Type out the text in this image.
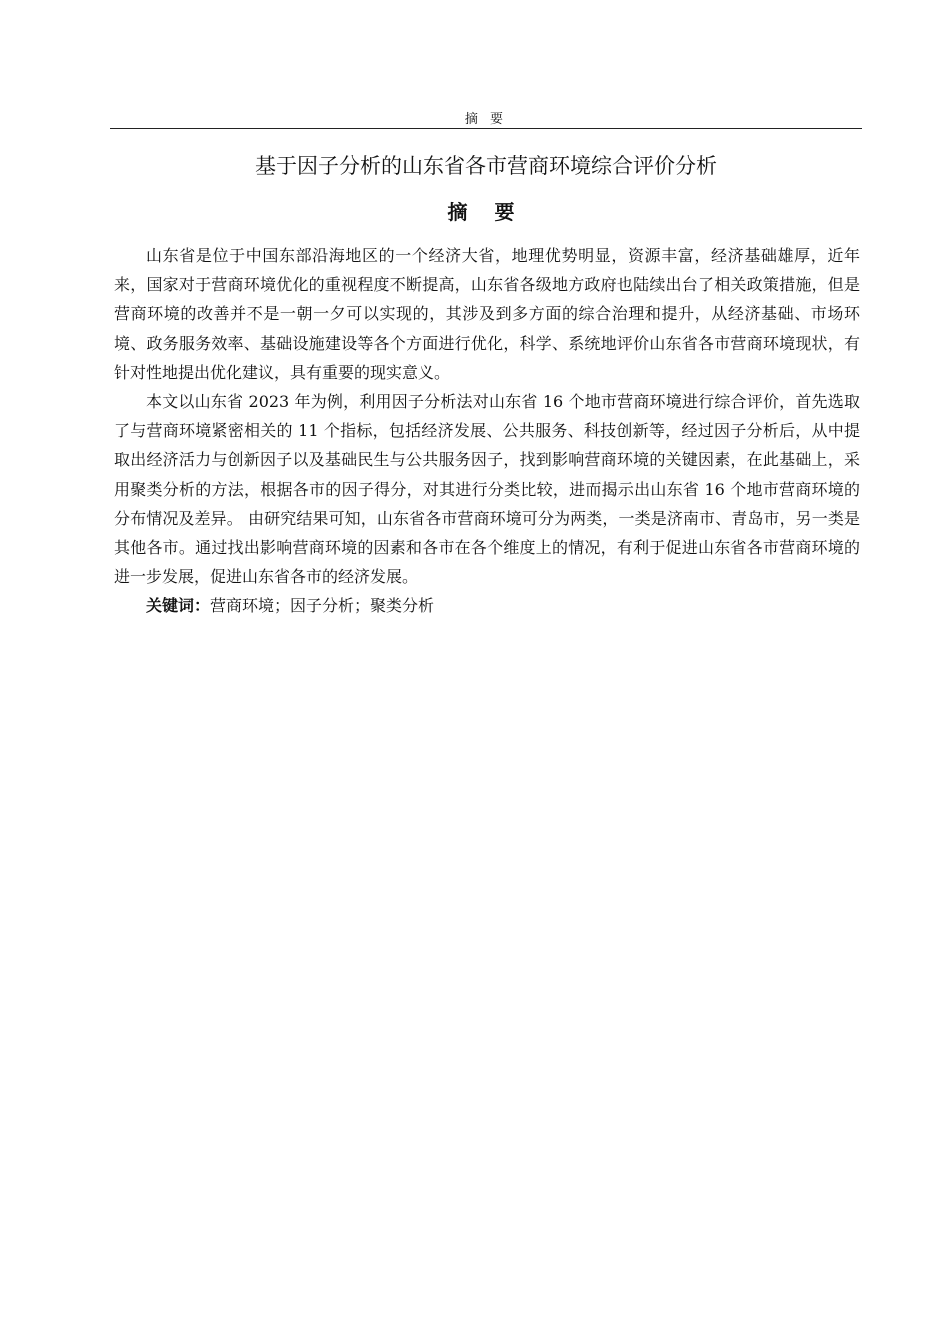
摘 要
基于因子分析的山东省各市营商环境综合评价分析
摘 要

山东省是位于中国东部沿海地区的一个经济大省，地理优势明显，资源丰富，经济基础雄厚，近年来，国家对于营商环境优化的重视程度不断提高，山东省各级地方政府也陆续出台了相关政策措施，但是营商环境的改善并不是一朝一夕可以实现的，其涉及到多方面的综合治理和提升，从经济基础、市场环境、政务服务效率、基础设施建设等各个方面进行优化，科学、系统地评价山东省各市营商环境现状，有针对性地提出优化建议，具有重要的现实意义。

本文以山东省 2023 年为例，利用因子分析法对山东省 16 个地市营商环境进行综合评价，首先选取了与营商环境紧密相关的 11 个指标，包括经济发展、公共服务、科技创新等，经过因子分析后，从中提取出经济活力与创新因子以及基础民生与公共服务因子，找到影响营商环境的关键因素，在此基础上，采用聚类分析的方法，根据各市的因子得分，对其进行分类比较，进而揭示出山东省 16 个地市营商环境的分布情况及差异。 由研究结果可知，山东省各市营商环境可分为两类，一类是济南市、青岛市，另一类是其他各市。通过找出影响营商环境的因素和各市在各个维度上的情况，有利于促进山东省各市营商环境的进一步发展，促进山东省各市的经济发展。

关键词：营商环境；因子分析；聚类分析
